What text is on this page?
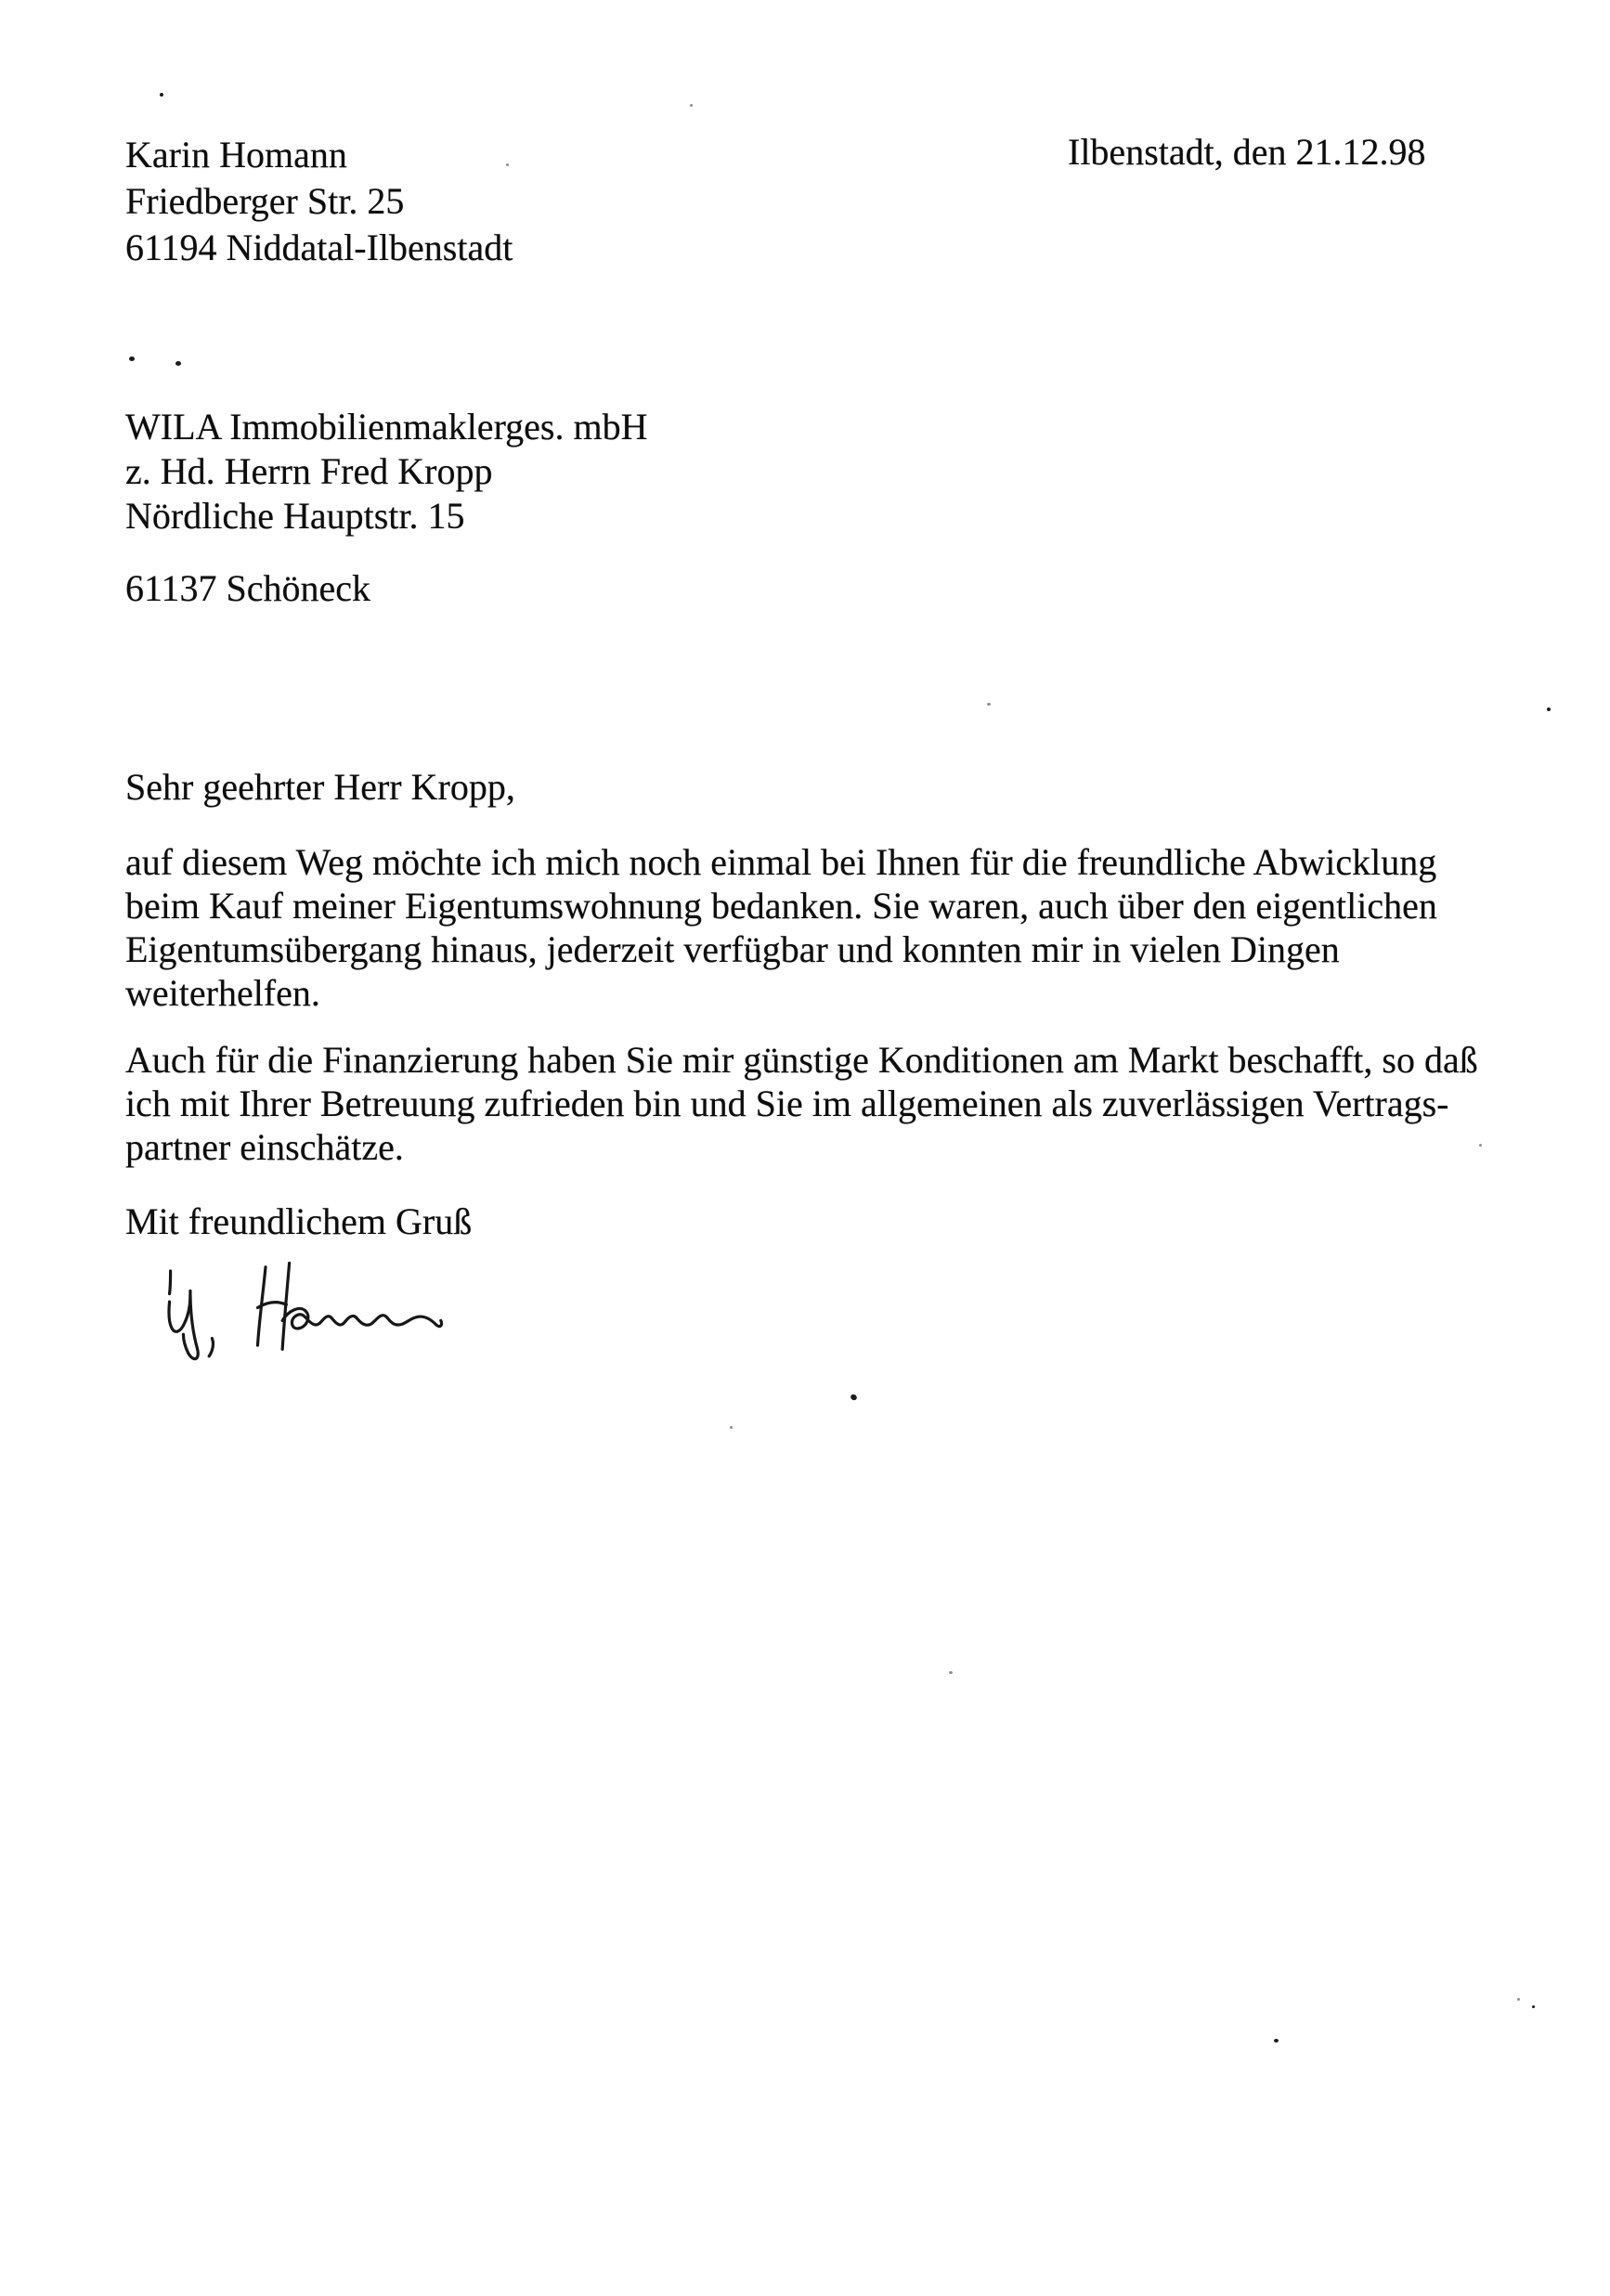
Karin Homann
Friedberger Str. 25
61194 Niddatal-Ilbenstadt
Ilbenstadt, den 21.12.98
WILA Immobilienmaklerges. mbH
z. Hd. Herrn Fred Kropp
Nördliche Hauptstr. 15
61137 Schöneck
Sehr geehrter Herr Kropp,
auf diesem Weg möchte ich mich noch einmal bei Ihnen für die freundliche Abwicklung
beim Kauf meiner Eigentumswohnung bedanken. Sie waren, auch über den eigentlichen
Eigentumsübergang hinaus, jederzeit verfügbar und konnten mir in vielen Dingen
weiterhelfen.
Auch für die Finanzierung haben Sie mir günstige Konditionen am Markt beschafft, so daß
ich mit Ihrer Betreuung zufrieden bin und Sie im allgemeinen als zuverlässigen Vertrags-
partner einschätze.
Mit freundlichem Gruß
